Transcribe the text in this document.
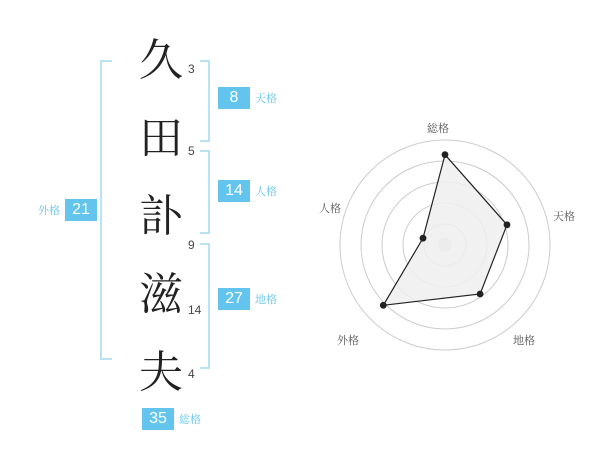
久
田
訃
滋
夫
3
5
9
14
4
8	天格
14	人格
27	地格
外格 21
35	総格
総格
天格
地格
外格
人格
